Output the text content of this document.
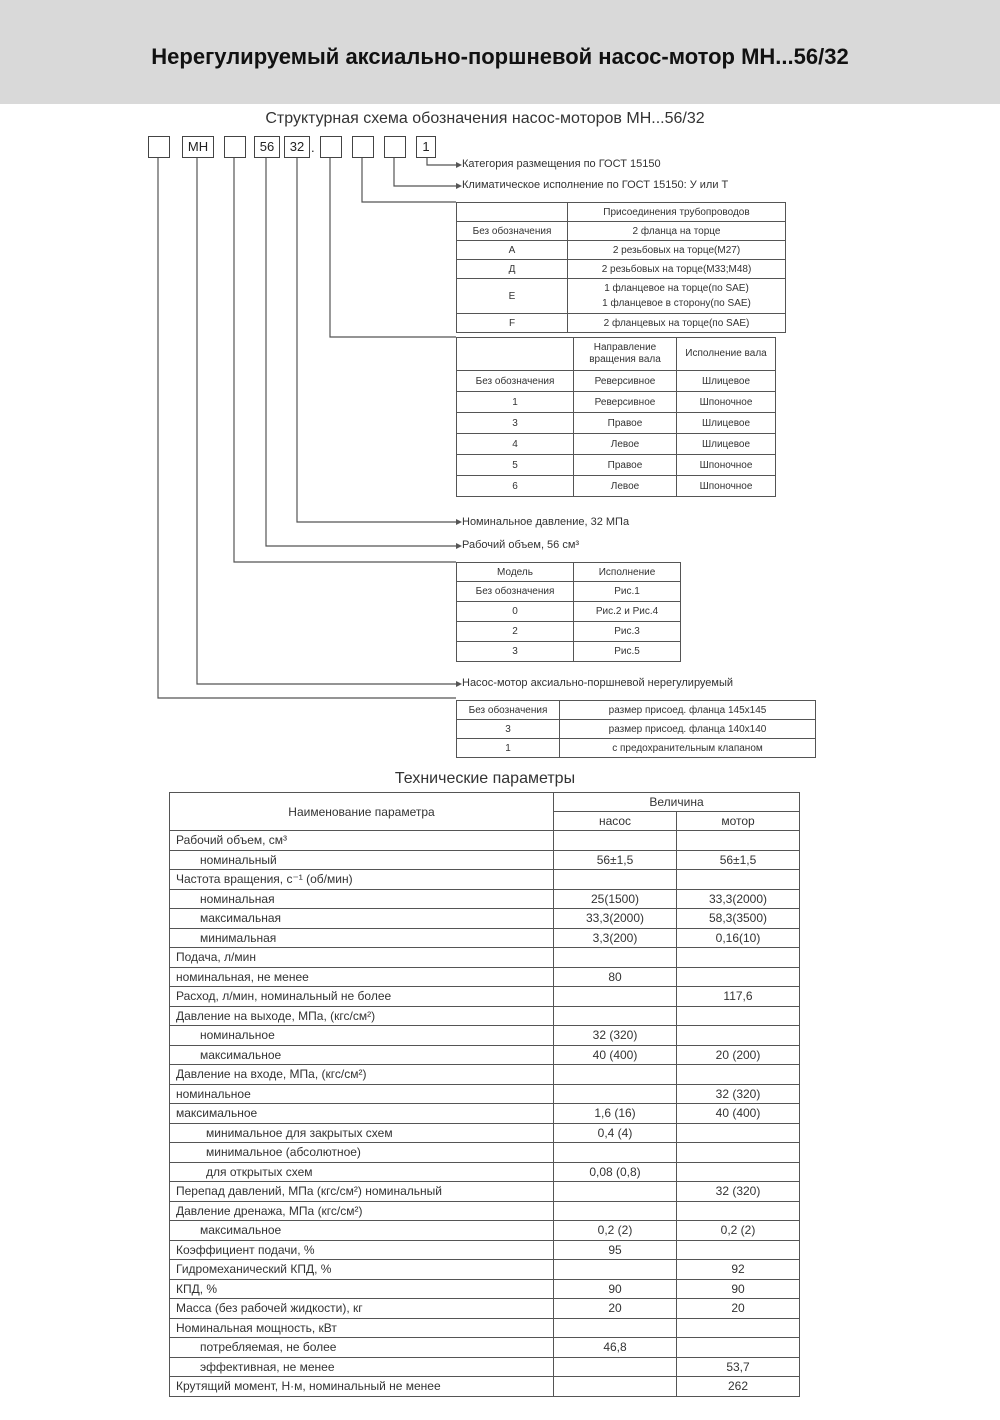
Нерегулируемый аксиально-поршневой насос-мотор МН...56/32
Структурная схема обозначения насос-моторов МН...56/32
МН	56	32 .	1
Категория размещения по ГОСТ 15150
Климатическое исполнение по ГОСТ 15150: У или Т
	Присоединения трубопроводов
Без обозначения	2 фланца на торце
А	2 резьбовых на торце(М27)
Д	2 резьбовых на торце(М33;М48)
Е	1 фланцевое на торце(по SAE)
1 фланцевое в сторону(по SAE)
F	2 фланцевых на торце(по SAE)
	Направление вращения вала	Исполнение вала
Без обозначения	Реверсивное	Шлицевое
1	Реверсивное	Шпоночное
3	Правое	Шлицевое
4	Левое	Шлицевое
5	Правое	Шпоночное
6	Левое	Шпоночное
Номинальное давление, 32 МПа
Рабочий объем, 56 см³
Модель	Исполнение
Без обозначения	Рис.1
0	Рис.2 и Рис.4
2	Рис.3
3	Рис.5
Насос-мотор аксиально-поршневой нерегулируемый
Без обозначения	размер присоед. фланца 145х145
3	размер присоед. фланца 140х140
1	с предохранительным клапаном
Технические параметры
Наименование параметра	Величина	
	насос	мотор
Рабочий объем, см³		
номинальный	56±1,5	56±1,5
Частота вращения, с⁻¹ (об/мин)		
номинальная	25(1500)	33,3(2000)
максимальная	33,3(2000)	58,3(3500)
минимальная	3,3(200)	0,16(10)
Подача, л/мин		
номинальная, не менее	80	
Расход, л/мин, номинальный не более		117,6
Давление на выходе, МПа, (кгс/см²)		
номинальное	32 (320)	
максимальное	40 (400)	20 (200)
Давление на входе, МПа, (кгс/см²)		
номинальное		32 (320)
максимальное	1,6 (16)	40 (400)
минимальное для закрытых схем	0,4 (4)	
минимальное (абсолютное)		
для открытых схем	0,08 (0,8)	
Перепад давлений, МПа (кгс/см²) номинальный		32 (320)
Давление дренажа, МПа (кгс/см²)		
максимальное	0,2 (2)	0,2 (2)
Коэффициент подачи, %	95	
Гидромеханический КПД, %		92
КПД, %	90	90
Масса (без рабочей жидкости), кг	20	20
Номинальная мощность, кВт		
потребляемая, не более	46,8	
эффективная, не менее		53,7
Крутящий момент, Н·м, номинальный не менее		262
